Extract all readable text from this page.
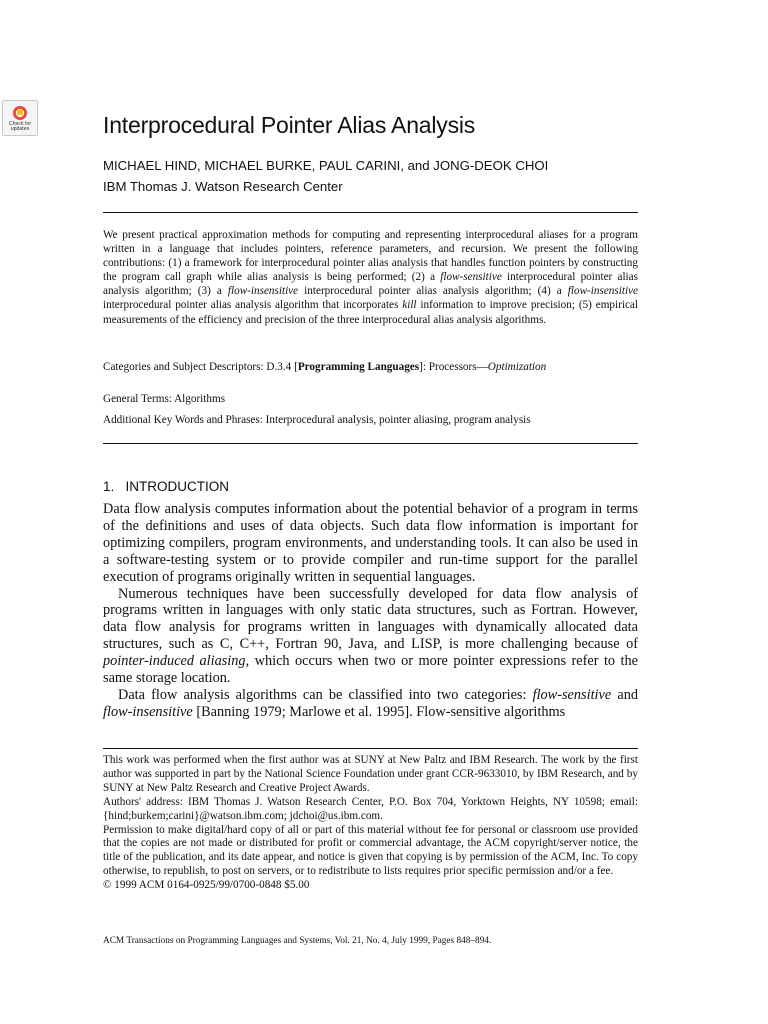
Check for updates	Interprocedural Pointer Alias Analysis
MICHAEL HIND, MICHAEL BURKE, PAUL CARINI, and JONG-DEOK CHOI
IBM Thomas J. Watson Research Center
We present practical approximation methods for computing and representing interprocedural aliases for a program written in a language that includes pointers, reference parameters, and recursion. We present the following contributions: (1) a framework for interprocedural pointer alias analysis that handles function pointers by constructing the program call graph while alias analysis is being performed; (2) a flow-sensitive interprocedural pointer alias analysis algorithm; (3) a flow-insensitive interprocedural pointer alias analysis algorithm; (4) a flow-insensitive interprocedural pointer alias analysis algorithm that incorporates kill information to improve precision; (5) empirical measurements of the efficiency and precision of the three interprocedural alias analysis algorithms.
Categories and Subject Descriptors: D.3.4 [Programming Languages]: Processors—Optimization
General Terms: Algorithms
Additional Key Words and Phrases: Interprocedural analysis, pointer aliasing, program analysis
1. INTRODUCTION

Data flow analysis computes information about the potential behavior of a program in terms of the definitions and uses of data objects. Such data flow information is important for optimizing compilers, program environments, and understanding tools. It can also be used in a software-testing system or to provide compiler and run-time support for the parallel execution of programs originally written in sequential languages.

Numerous techniques have been successfully developed for data flow analysis of programs written in languages with only static data structures, such as Fortran. However, data flow analysis for programs written in languages with dynamically allocated data structures, such as C, C++, Fortran 90, Java, and LISP, is more challenging because of pointer-induced aliasing, which occurs when two or more pointer expressions refer to the same storage location.

Data flow analysis algorithms can be classified into two categories: flow-sensitive and flow-insensitive [Banning 1979; Marlowe et al. 1995]. Flow-sensitive algorithms

This work was performed when the first author was at SUNY at New Paltz and IBM Research. The work by the first author was supported in part by the National Science Foundation under grant CCR-9633010, by IBM Research, and by SUNY at New Paltz Research and Creative Project Awards.

Authors' address: IBM Thomas J. Watson Research Center, P.O. Box 704, Yorktown Heights, NY 10598; email: {hind;burkem;carini}@watson.ibm.com; jdchoi@us.ibm.com.

Permission to make digital/hard copy of all or part of this material without fee for personal or classroom use provided that the copies are not made or distributed for profit or commercial advantage, the ACM copyright/server notice, the title of the publication, and its date appear, and notice is given that copying is by permission of the ACM, Inc. To copy otherwise, to republish, to post on servers, or to redistribute to lists requires prior specific permission and/or a fee.

© 1999 ACM 0164-0925/99/0700-0848 $5.00

ACM Transactions on Programming Languages and Systems, Vol. 21, No. 4, July 1999, Pages 848–894.
